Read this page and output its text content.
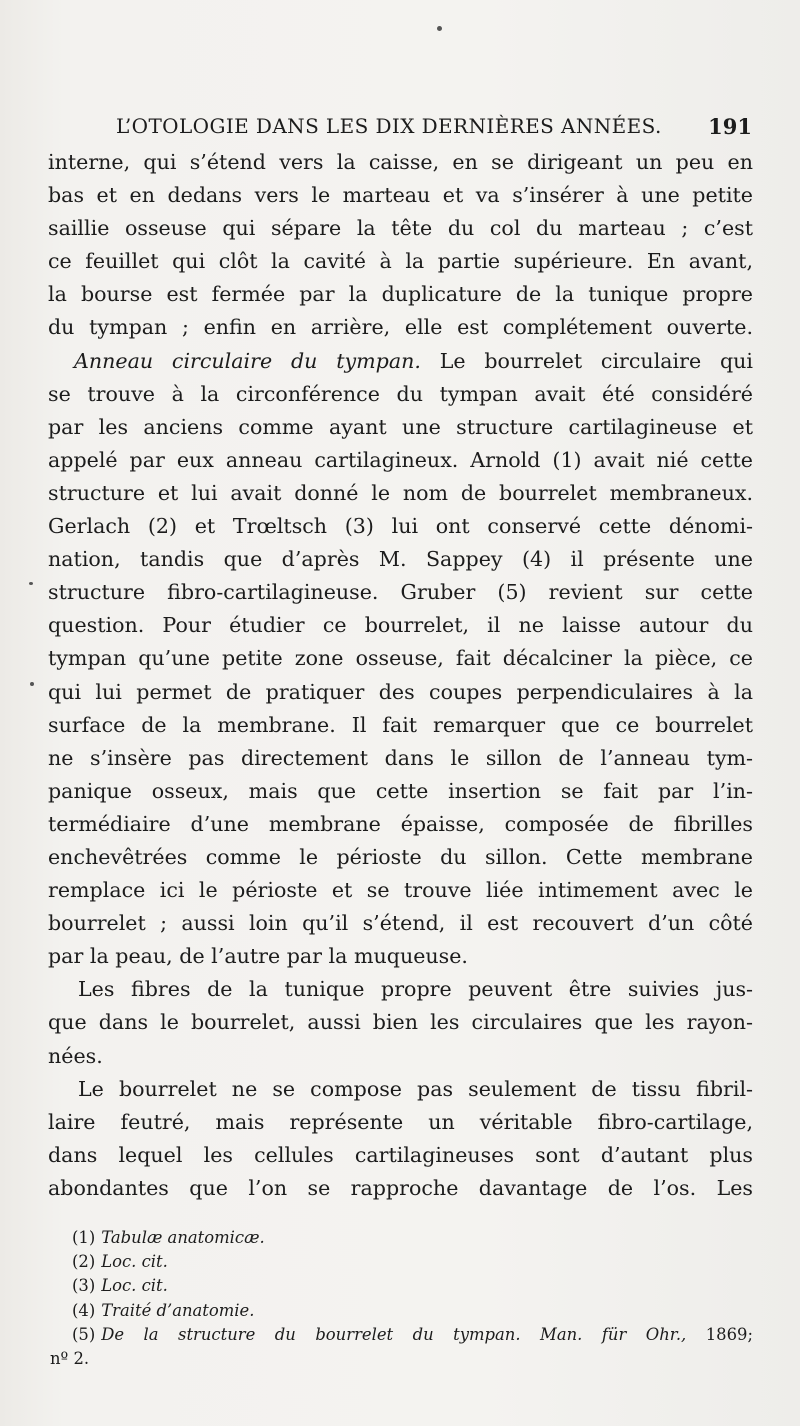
L’OTOLOGIE DANS LES DIX DERNIÈRES ANNÉES. 191
interne, qui s’étend vers la caisse, en se dirigeant un peu en
bas et en dedans vers le marteau et va s’insérer à une petite
saillie osseuse qui sépare la tête du col du marteau ; c’est
ce feuillet qui clôt la cavité à la partie supérieure. En avant,
la bourse est fermée par la duplicature de la tunique propre
du tympan ; enfin en arrière, elle est complétement ouverte.
Anneau circulaire du tympan. Le bourrelet circulaire qui
se trouve à la circonférence du tympan avait été considéré
par les anciens comme ayant une structure cartilagineuse et
appelé par eux anneau cartilagineux. Arnold (1) avait nié cette
structure et lui avait donné le nom de bourrelet membraneux.
Gerlach (2) et Trœltsch (3) lui ont conservé cette dénomi-
nation, tandis que d’après M. Sappey (4) il présente une
structure fibro-cartilagineuse. Gruber (5) revient sur cette
question. Pour étudier ce bourrelet, il ne laisse autour du
tympan qu’une petite zone osseuse, fait décalciner la pièce, ce
qui lui permet de pratiquer des coupes perpendiculaires à la
surface de la membrane. Il fait remarquer que ce bourrelet
ne s’insère pas directement dans le sillon de l’anneau tym-
panique osseux, mais que cette insertion se fait par l’in-
termédiaire d’une membrane épaisse, composée de fibrilles
enchevêtrées comme le périoste du sillon. Cette membrane
remplace ici le périoste et se trouve liée intimement avec le
bourrelet ; aussi loin qu’il s’étend, il est recouvert d’un côté
par la peau, de l’autre par la muqueuse.
Les fibres de la tunique propre peuvent être suivies jus-
que dans le bourrelet, aussi bien les circulaires que les rayon-
nées.
Le bourrelet ne se compose pas seulement de tissu fibril-
laire feutré, mais représente un véritable fibro-cartilage,
dans lequel les cellules cartilagineuses sont d’autant plus
abondantes que l’on se rapproche davantage de l’os. Les
(1) Tabulæ anatomicæ.
(2) Loc. cit.
(3) Loc. cit.
(4) Traité d’anatomie.
(5) De la structure du bourrelet du tympan. Man. für Ohr., 1869;
nº 2.
